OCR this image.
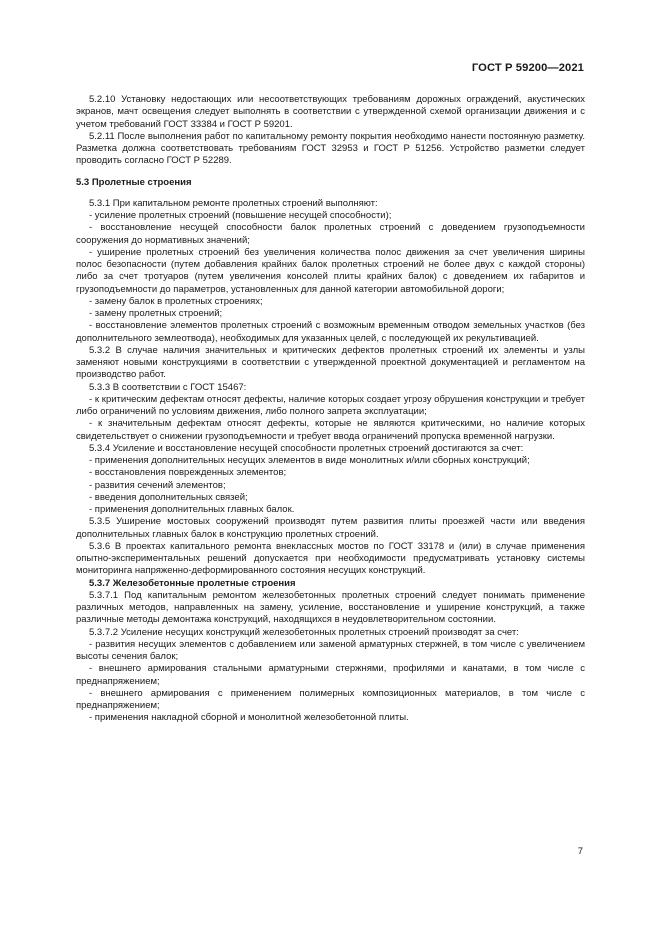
ГОСТ Р 59200—2021

5.2.10 Установку недостающих или несоответствующих требованиям дорожных ограждений, акустических экранов, мачт освещения следует выполнять в соответствии с утвержденной схемой организации движения и с учетом требований ГОСТ 33384 и ГОСТ Р 59201.

5.2.11 После выполнения работ по капитальному ремонту покрытия необходимо нанести постоянную разметку. Разметка должна соответствовать требованиям ГОСТ 32953 и ГОСТ Р 51256. Устройство разметки следует проводить согласно ГОСТ Р 52289.

5.3 Пролетные строения

5.3.1 При капитальном ремонте пролетных строений выполняют:

- усиление пролетных строений (повышение несущей способности);

- восстановление несущей способности балок пролетных строений с доведением грузоподъемности сооружения до нормативных значений;

- уширение пролетных строений без увеличения количества полос движения за счет увеличения ширины полос безопасности (путем добавления крайних балок пролетных строений не более двух с каждой стороны) либо за счет тротуаров (путем увеличения консолей плиты крайних балок) с доведением их габаритов и грузоподъемности до параметров, установленных для данной категории автомобильной дороги;

- замену балок в пролетных строениях;

- замену пролетных строений;

- восстановление элементов пролетных строений с возможным временным отводом земельных участков (без дополнительного землеотвода), необходимых для указанных целей, с последующей их рекультивацией.

5.3.2 В случае наличия значительных и критических дефектов пролетных строений их элементы и узлы заменяют новыми конструкциями в соответствии с утвержденной проектной документацией и регламентом на производство работ.

5.3.3 В соответствии с ГОСТ 15467:

- к критическим дефектам относят дефекты, наличие которых создает угрозу обрушения конструкции и требует либо ограничений по условиям движения, либо полного запрета эксплуатации;

- к значительным дефектам относят дефекты, которые не являются критическими, но наличие которых свидетельствует о снижении грузоподъемности и требует ввода ограничений пропуска временной нагрузки.

5.3.4 Усиление и восстановление несущей способности пролетных строений достигаются за счет:

- применения дополнительных несущих элементов в виде монолитных и/или сборных конструкций;

- восстановления поврежденных элементов;

- развития сечений элементов;

- введения дополнительных связей;

- применения дополнительных главных балок.

5.3.5 Уширение мостовых сооружений производят путем развития плиты проезжей части или введения дополнительных главных балок в конструкцию пролетных строений.

5.3.6 В проектах капитального ремонта внеклассных мостов по ГОСТ 33178 и (или) в случае применения опытно-экспериментальных решений допускается при необходимости предусматривать установку системы мониторинга напряженно-деформированного состояния несущих конструкций.

5.3.7 Железобетонные пролетные строения

5.3.7.1 Под капитальным ремонтом железобетонных пролетных строений следует понимать применение различных методов, направленных на замену, усиление, восстановление и уширение конструкций, а также различные методы демонтажа конструкций, находящихся в неудовлетворительном состоянии.

5.3.7.2 Усиление несущих конструкций железобетонных пролетных строений производят за счет:

- развития несущих элементов с добавлением или заменой арматурных стержней, в том числе с увеличением высоты сечения балок;

- внешнего армирования стальными арматурными стержнями, профилями и канатами, в том числе с преднапряжением;

- внешнего армирования с применением полимерных композиционных материалов, в том числе с преднапряжением;

- применения накладной сборной и монолитной железобетонной плиты.

7
